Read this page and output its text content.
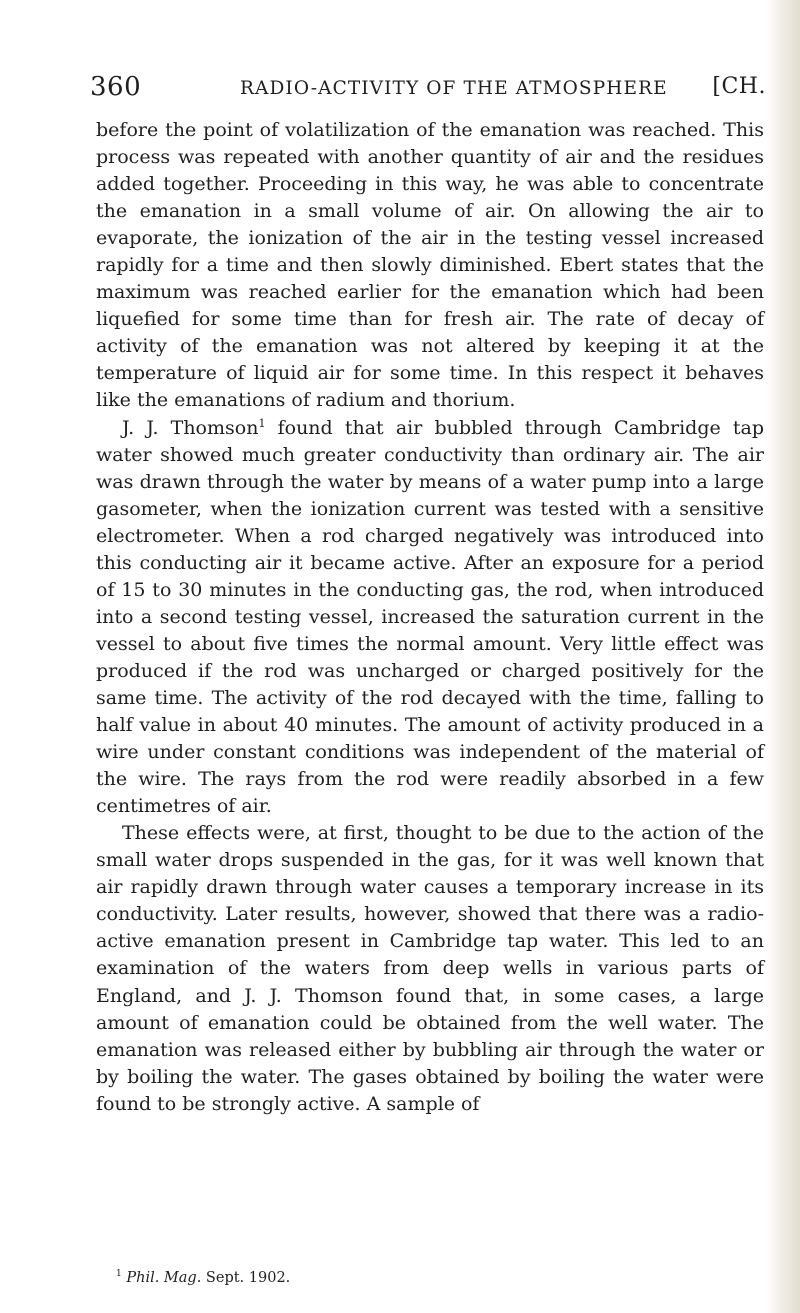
360	RADIO-ACTIVITY OF THE ATMOSPHERE [CH.

before the point of volatilization of the emanation was reached. This process was repeated with another quantity of air and the residues added together. Proceeding in this way, he was able to concentrate the emanation in a small volume of air. On allowing the air to evaporate, the ionization of the air in the testing vessel increased rapidly for a time and then slowly diminished. Ebert states that the maximum was reached earlier for the emanation which had been liquefied for some time than for fresh air. The rate of decay of activity of the emanation was not altered by keeping it at the temperature of liquid air for some time. In this respect it behaves like the emanations of radium and thorium.

J. J. Thomson$^1$ found that air bubbled through Cambridge tap water showed much greater conductivity than ordinary air. The air was drawn through the water by means of a water pump into a large gasometer, when the ionization current was tested with a sensitive electrometer. When a rod charged negatively was introduced into this conducting air it became active. After an exposure for a period of 15 to 30 minutes in the conducting gas, the rod, when introduced into a second testing vessel, increased the saturation current in the vessel to about five times the normal amount. Very little effect was produced if the rod was uncharged or charged positively for the same time. The activity of the rod decayed with the time, falling to half value in about 40 minutes. The amount of activity produced in a wire under constant conditions was independent of the material of the wire. The rays from the rod were readily absorbed in a few centimetres of air.

These effects were, at first, thought to be due to the action of the small water drops suspended in the gas, for it was well known that air rapidly drawn through water causes a temporary increase in its conductivity. Later results, however, showed that there was a radio-active emanation present in Cambridge tap water. This led to an examination of the waters from deep wells in various parts of England, and J. J. Thomson found that, in some cases, a large amount of emanation could be obtained from the well water. The emanation was released either by bubbling air through the water or by boiling the water. The gases obtained by boiling the water were found to be strongly active. A sample of

$^1$ Phil. Mag. Sept. 1902.
